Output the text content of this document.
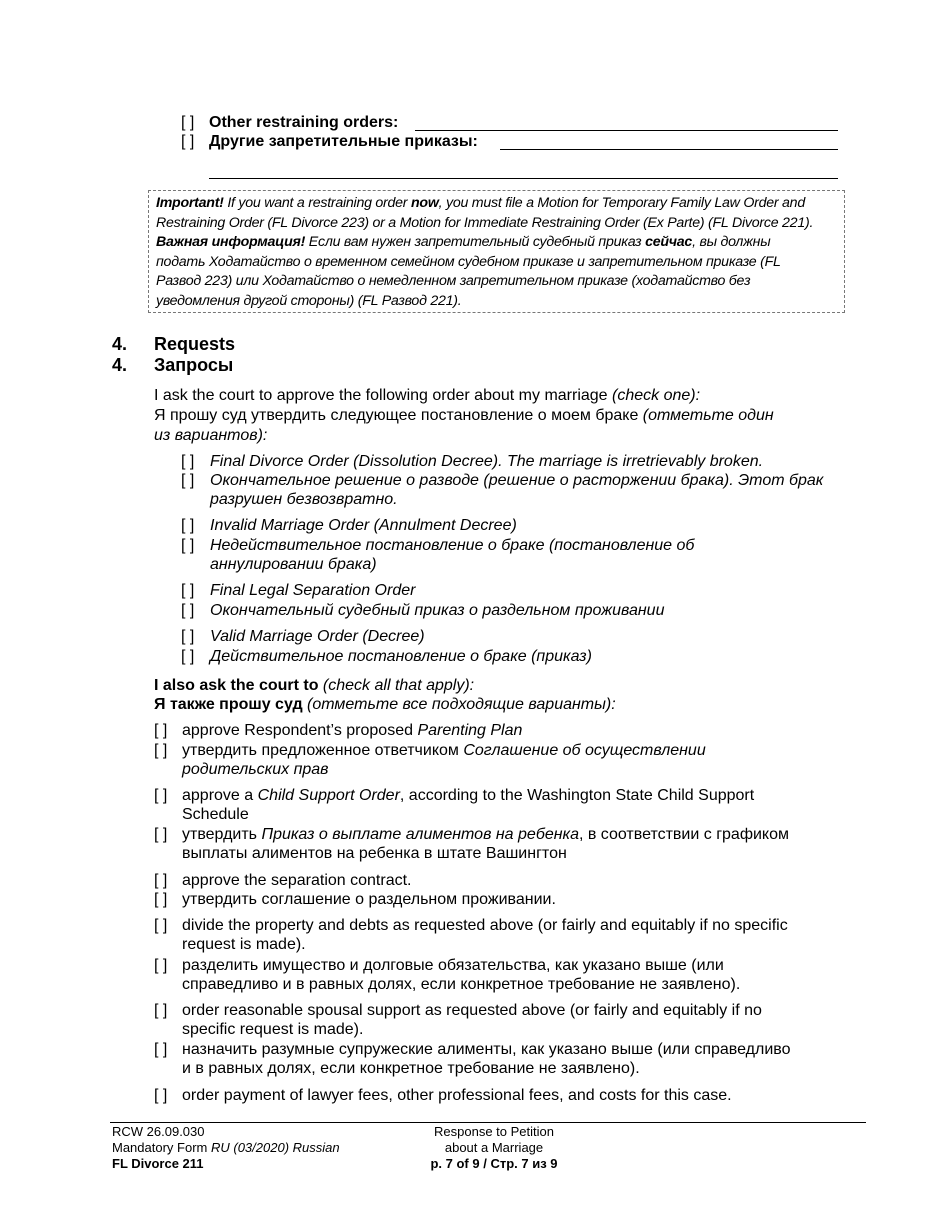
[ ] Other restraining orders:
[ ] Другие запретительные приказы:
Important! If you want a restraining order now, you must file a Motion for Temporary Family Law Order and
Restraining Order (FL Divorce 223) or a Motion for Immediate Restraining Order (Ex Parte) (FL Divorce 221).
Важная информация! Если вам нужен запретительный судебный приказ сейчас, вы должны
подать Ходатайство о временном семейном судебном приказе и запретительном приказе (FL
Развод 223) или Ходатайство о немедленном запретительном приказе (ходатайство без
уведомления другой стороны) (FL Развод 221).
4. Requests
4. Запросы
I ask the court to approve the following order about my marriage (check one):
Я прошу суд утвердить следующее постановление о моем браке (отметьте один
из вариантов):
[ ] Final Divorce Order (Dissolution Decree). The marriage is irretrievably broken.
[ ] Окончательное решение о разводе (решение о расторжении брака). Этот брак
разрушен безвозвратно.
[ ] Invalid Marriage Order (Annulment Decree)
[ ] Недействительное постановление о браке (постановление об
аннулировании брака)
[ ] Final Legal Separation Order
[ ] Окончательный судебный приказ о раздельном проживании
[ ] Valid Marriage Order (Decree)
[ ] Действительное постановление о браке (приказ)
I also ask the court to (check all that apply):
Я также прошу суд (отметьте все подходящие варианты):
[ ] approve Respondent’s proposed Parenting Plan
[ ] утвердить предложенное ответчиком Соглашение об осуществлении
родительских прав
[ ] approve a Child Support Order, according to the Washington State Child Support
Schedule
[ ] утвердить Приказ о выплате алиментов на ребенка, в соответствии с графиком
выплаты алиментов на ребенка в штате Вашингтон
[ ] approve the separation contract.
[ ] утвердить соглашение о раздельном проживании.
[ ] divide the property and debts as requested above (or fairly and equitably if no specific
request is made).
[ ] разделить имущество и долговые обязательства, как указано выше (или
справедливо и в равных долях, если конкретное требование не заявлено).
[ ] order reasonable spousal support as requested above (or fairly and equitably if no
specific request is made).
[ ] назначить разумные супружеские алименты, как указано выше (или справедливо
и в равных долях, если конкретное требование не заявлено).
[ ] order payment of lawyer fees, other professional fees, and costs for this case.
RCW 26.09.030
Mandatory Form RU (03/2020) Russian
FL Divorce 211
Response to Petition
about a Marriage
p. 7 of 9 / Стр. 7 из 9
